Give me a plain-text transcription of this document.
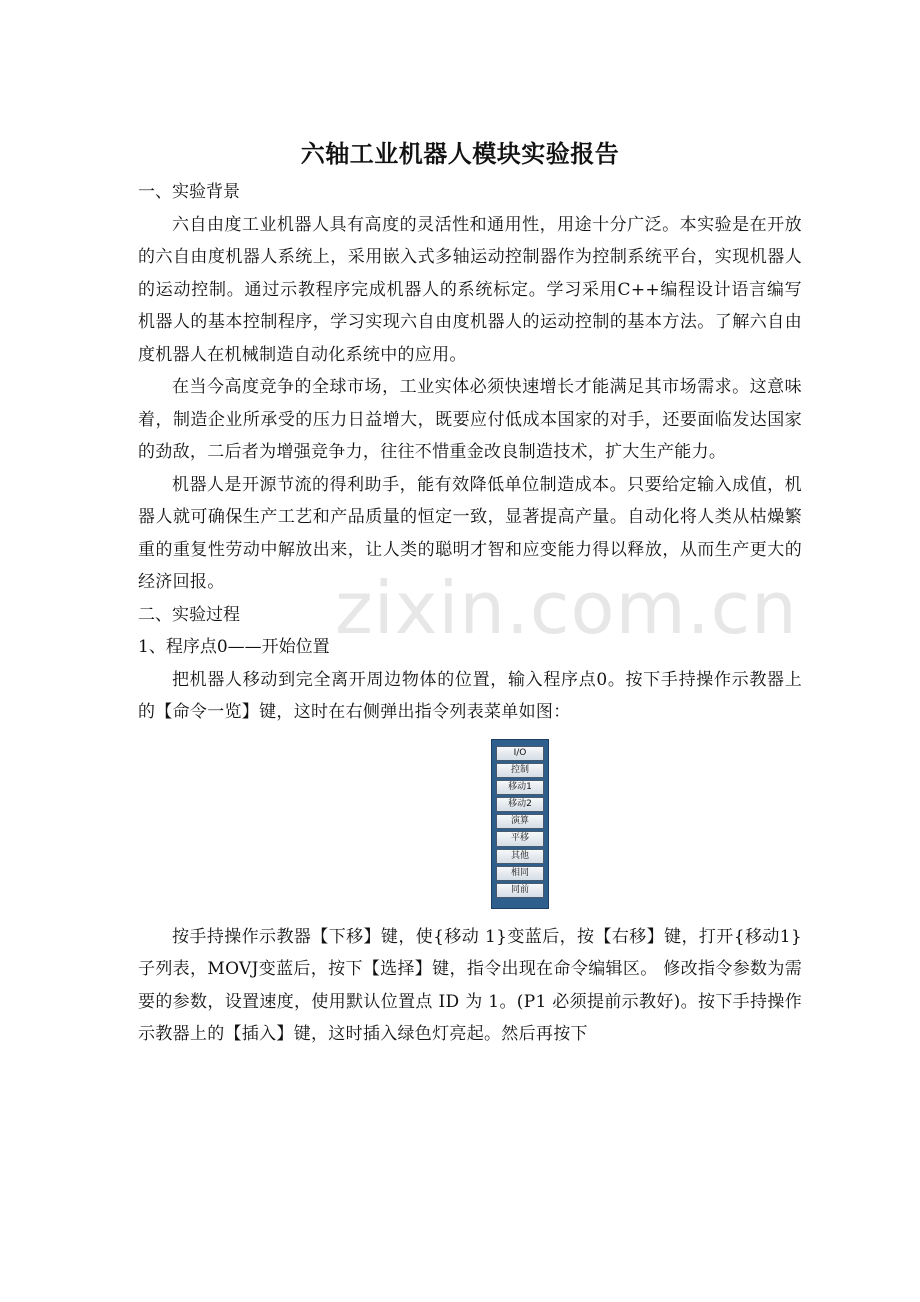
zixin.com.cn
六轴工业机器人模块实验报告

一、实验背景

六自由度工业机器人具有高度的灵活性和通用性，用途十分广泛。本实验是在开放的六自由度机器人系统上，采用嵌入式多轴运动控制器作为控制系统平台，实现机器人的运动控制。通过示教程序完成机器人的系统标定。学习采用C++编程设计语言编写机器人的基本控制程序，学习实现六自由度机器人的运动控制的基本方法。了解六自由度机器人在机械制造自动化系统中的应用。

在当今高度竞争的全球市场，工业实体必须快速增长才能满足其市场需求。这意味着，制造企业所承受的压力日益增大，既要应付低成本国家的对手，还要面临发达国家的劲敌，二后者为增强竞争力，往往不惜重金改良制造技术，扩大生产能力。

机器人是开源节流的得利助手，能有效降低单位制造成本。只要给定输入成值，机器人就可确保生产工艺和产品质量的恒定一致，显著提高产量。自动化将人类从枯燥繁重的重复性劳动中解放出来，让人类的聪明才智和应变能力得以释放，从而生产更大的经济回报。

二、实验过程

1、程序点0——开始位置

把机器人移动到完全离开周边物体的位置，输入程序点0。按下手持操作示教器上的【命令一览】键，这时在右侧弹出指令列表菜单如图：

I/O
控制
移动1
移动2
演算
平移
其他
相同
同前

按手持操作示教器【下移】键，使{移动 1}变蓝后，按【右移】键，打开{移动1}子列表，MOVJ变蓝后，按下【选择】键，指令出现在命令编辑区。 修改指令参数为需要的参数，设置速度，使用默认位置点 ID 为 1。(P1 必须提前示教好)。按下手持操作示教器上的【插入】键，这时插入绿色灯亮起。然后再按下
